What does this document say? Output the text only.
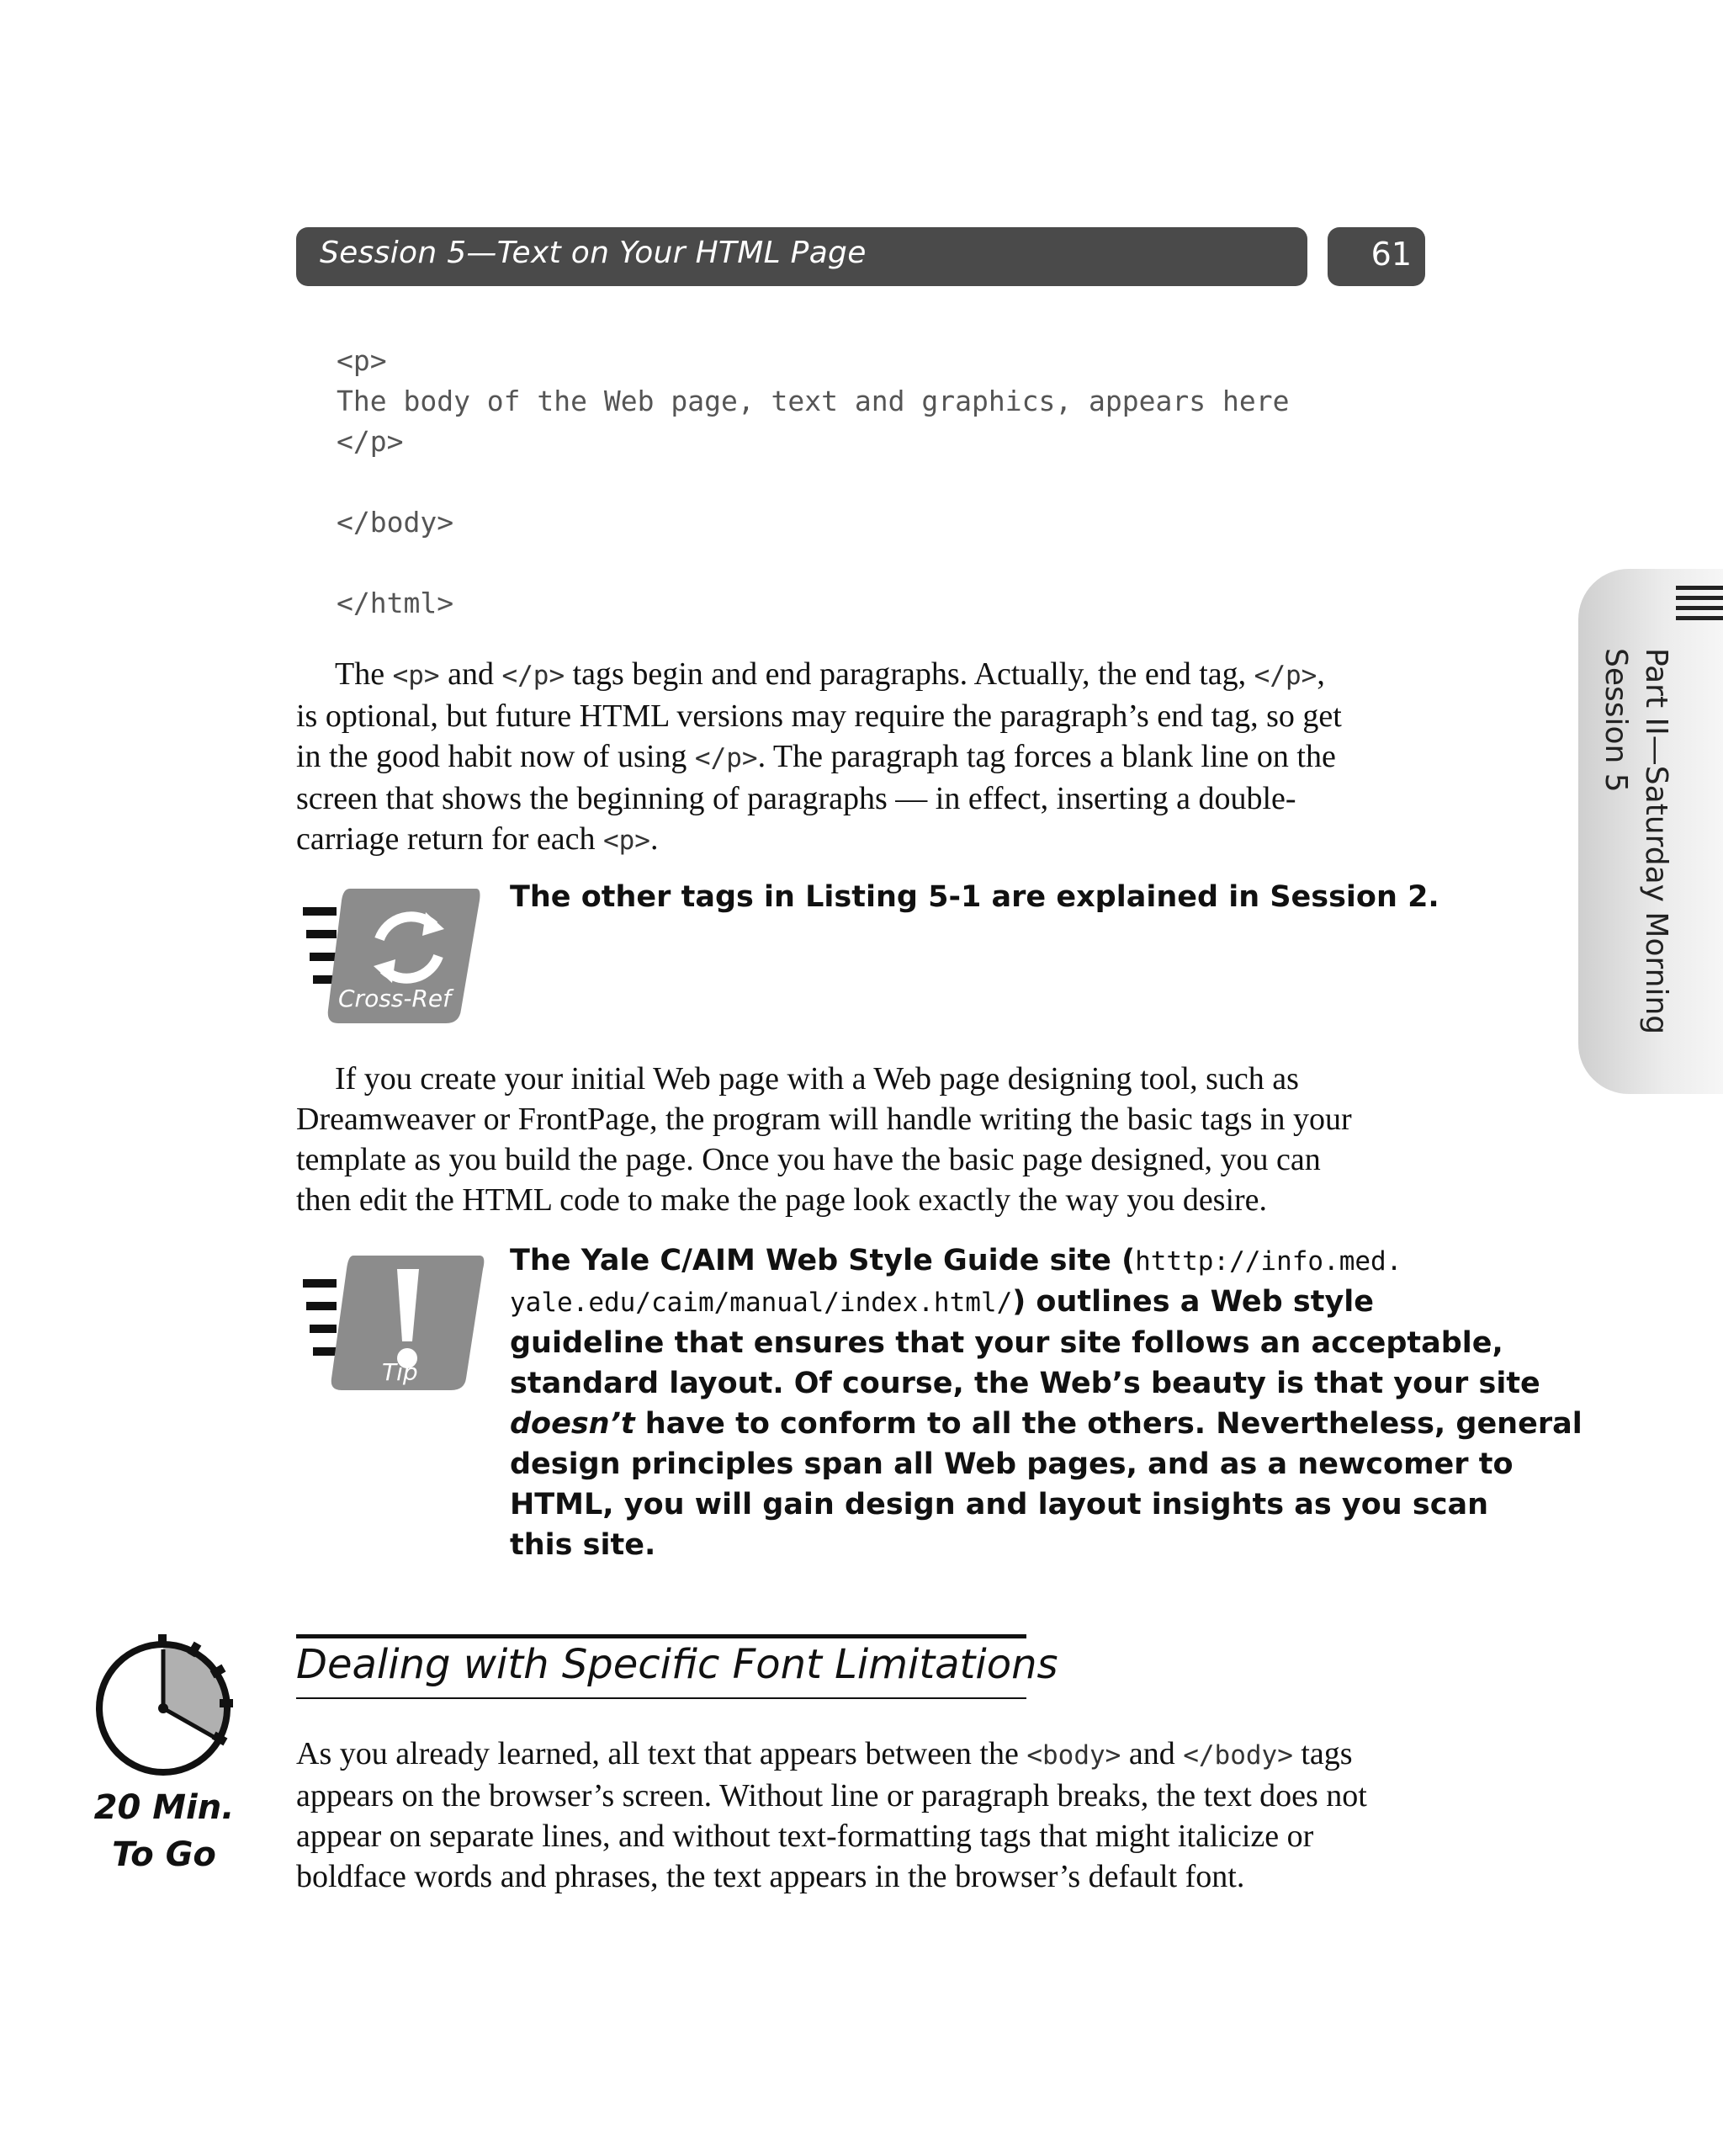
Session 5—Text on Your HTML Page	61
<p>
The body of the Web page, text and graphics, appears here
</p>
</body>
</html>
The <p> and </p> tags begin and end paragraphs. Actually, the end tag, </p>,
is optional, but future HTML versions may require the paragraph’s end tag, so get
in the good habit now of using </p>. The paragraph tag forces a blank line on the
screen that shows the beginning of paragraphs — in effect, inserting a double-
carriage return for each <p>.
Cross-Ref
The other tags in Listing 5-1 are explained in Session 2.
If you create your initial Web page with a Web page designing tool, such as
Dreamweaver or FrontPage, the program will handle writing the basic tags in your
template as you build the page. Once you have the basic page designed, you can
then edit the HTML code to make the page look exactly the way you desire.
Tip
The Yale C/AIM Web Style Guide site (htttp://info.med.
yale.edu/caim/manual/index.html/) outlines a Web style
guideline that ensures that your site follows an acceptable,
standard layout. Of course, the Web’s beauty is that your site
doesn’t have to conform to all the others. Nevertheless, general
design principles span all Web pages, and as a newcomer to
HTML, you will gain design and layout insights as you scan
this site.
Part II—Saturday Morning
Session 5
20 Min.
To Go
Dealing with Specific Font Limitations
As you already learned, all text that appears between the <body> and </body> tags
appears on the browser’s screen. Without line or paragraph breaks, the text does not
appear on separate lines, and without text-formatting tags that might italicize or
boldface words and phrases, the text appears in the browser’s default font.
